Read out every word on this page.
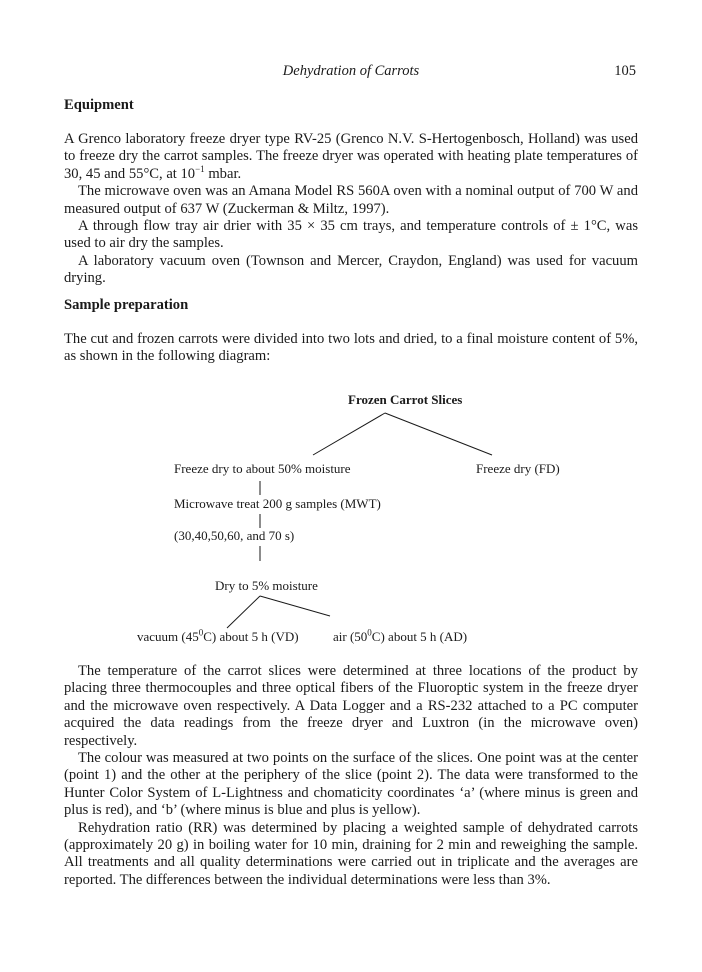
Dehydration of Carrots	105
Equipment

A Grenco laboratory freeze dryer type RV-25 (Grenco N.V. S-Hertogenbosch, Holland) was used to freeze dry the carrot samples. The freeze dryer was operated with heating plate temperatures of 30, 45 and 55°C, at $10^{-1}$ mbar.

The microwave oven was an Amana Model RS 560A oven with a nominal output of 700 W and measured output of 637 W (Zuckerman & Miltz, 1997).

A through flow tray air drier with 35 × 35 cm trays, and temperature controls of ± 1°C, was used to air dry the samples.

A laboratory vacuum oven (Townson and Mercer, Craydon, England) was used for vacuum drying.

Sample preparation

The cut and frozen carrots were divided into two lots and dried, to a final moisture content of 5%, as shown in the following diagram:

Frozen Carrot Slices
Freeze dry to about 50% moisture	Freeze dry (FD)
Microwave treat 200 g samples (MWT)
(30,40,50,60, and 70 s)
Dry to 5% moisture
vacuum $(45^0C)$ about 5 h (VD)	air $(50^0C)$ about 5 h (AD)

The temperature of the carrot slices were determined at three locations of the product by placing three thermocouples and three optical fibers of the Fluoroptic system in the freeze dryer and the microwave oven respectively. A Data Logger and a RS-232 attached to a PC computer acquired the data readings from the freeze dryer and Luxtron (in the microwave oven) respectively.

The colour was measured at two points on the surface of the slices. One point was at the center (point 1) and the other at the periphery of the slice (point 2). The data were transformed to the Hunter Color System of L-Lightness and chomaticity coordinates ‘a’ (where minus is green and plus is red), and ‘b’ (where minus is blue and plus is yellow).

Rehydration ratio (RR) was determined by placing a weighted sample of dehydrated carrots (approximately 20 g) in boiling water for 10 min, draining for 2 min and reweighing the sample. All treatments and all quality determinations were carried out in triplicate and the averages are reported. The differences between the individual determinations were less than 3%.
